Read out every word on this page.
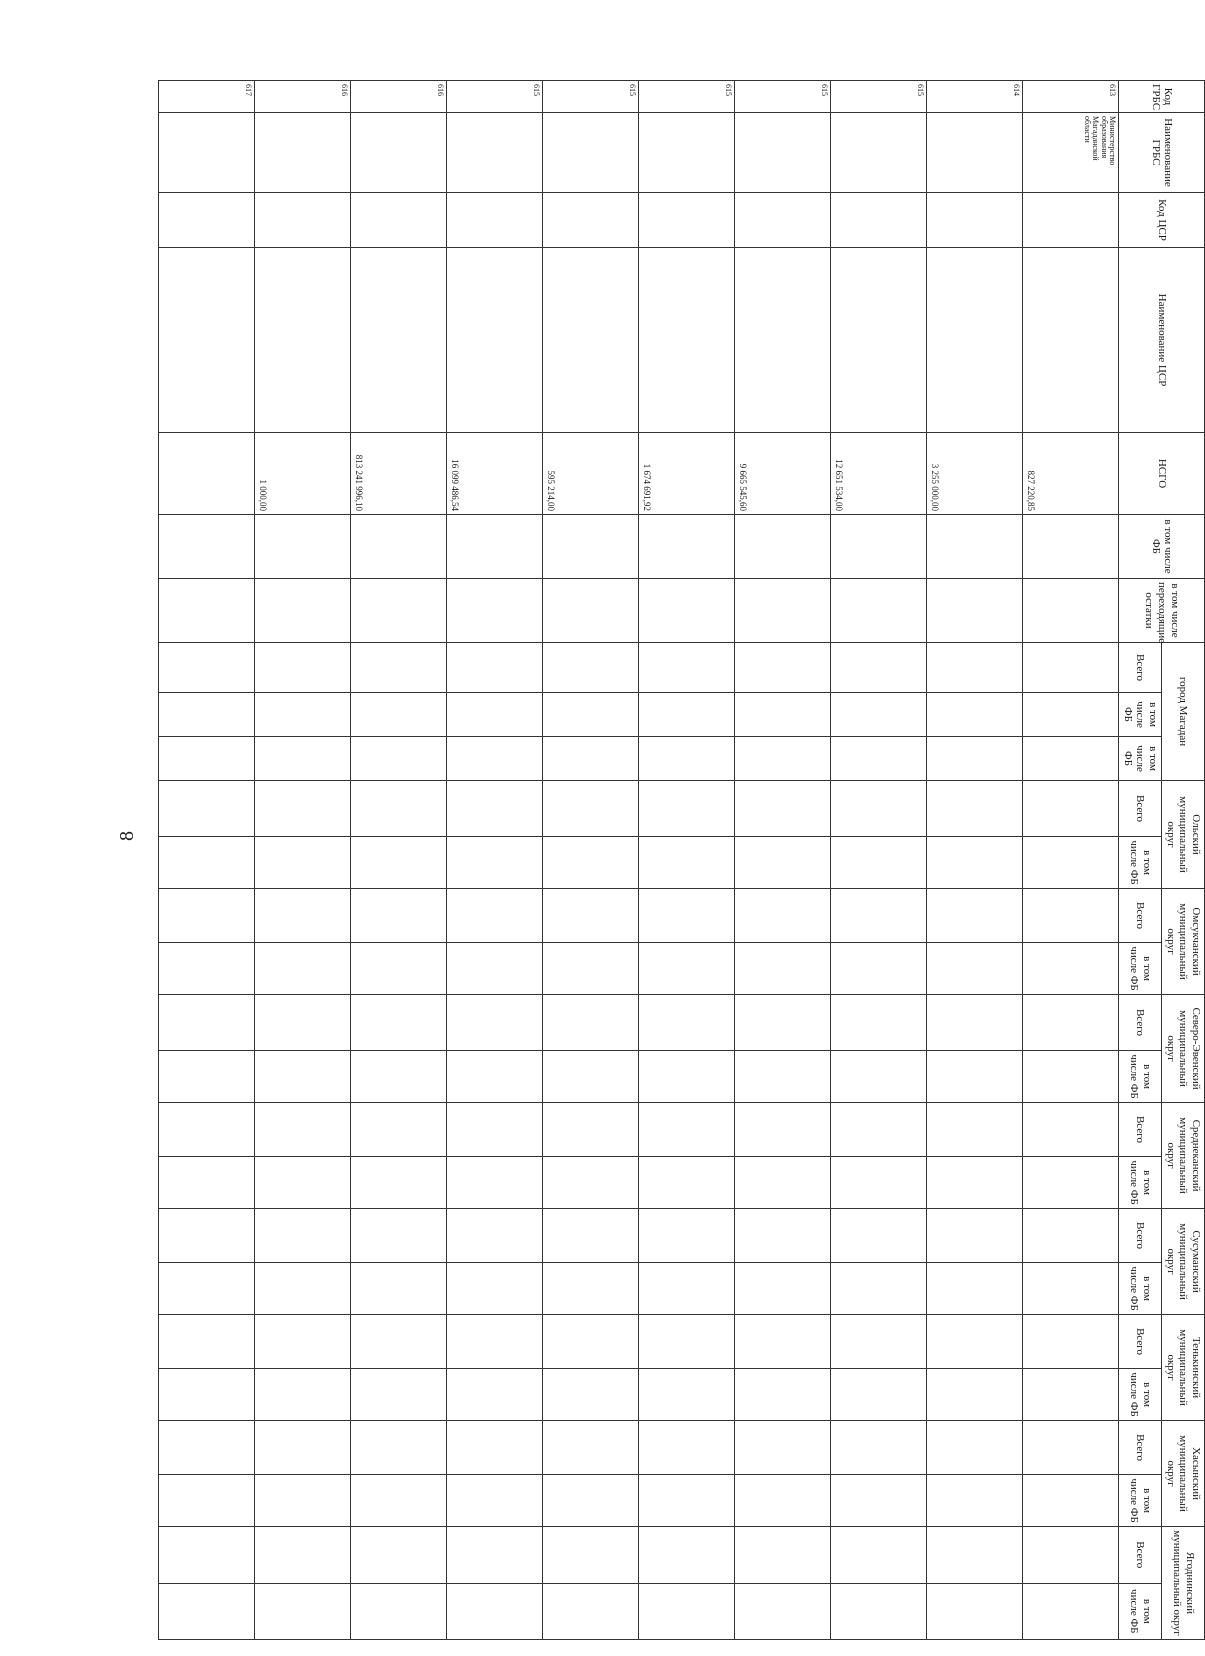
8
Код ГРБС	Наименование ГРБС	Код ЦСР	Наименование ЦСР	НСГО	в том числе ФБ	в том числе переходящие остатки	город Магадан			Ольский муниципальный округ		Омсукчанский муниципальный округ		Северо-Эвенский муниципальный округ		Среднеканский муниципальный округ		Сусуманский муниципальный округ		Тенькинский муниципальный округ		Хасынский муниципальный округ		Ягоднинский муниципальный округ	
							Всего	в том числе ФБ	в том числе ФБ	Всего	в том числе ФБ	Всего	в том числе ФБ	Всего	в том числе ФБ	Всего	в том числе ФБ	Всего	в том числе ФБ	Всего	в том числе ФБ	Всего	в том числе ФБ	Всего	в том числе ФБ
613	Министерство образования Магаданской области			827 220,85																					
614				3 255 000,00																					
615				12 651 534,00																					
615				9 665 545,60																					
615				1 674 691,92																					
615				595 214,00																					
615				16 099 486,54																					
616				813 241 996,10																					
616				1 000,00																					
617																									
